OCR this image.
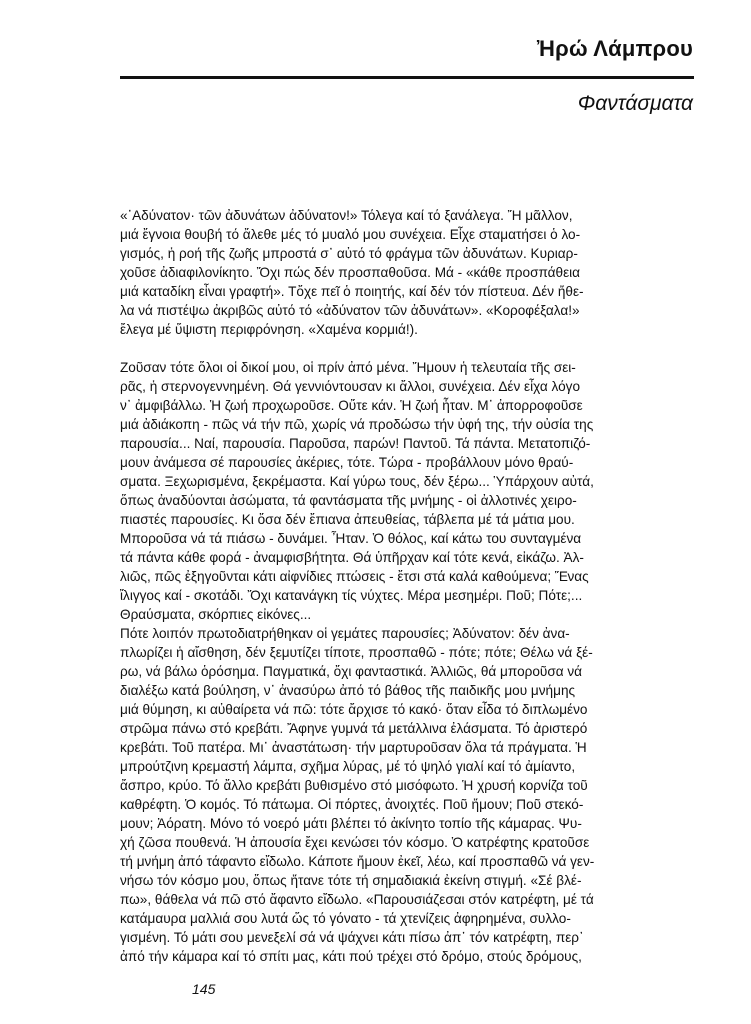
Ἠρώ Λάμπρου
Φαντάσματα
«᾽Αδύνατον· τῶν ἀδυνάτων ἀδύνατον!» Τόλεγα καί τό ξανάλεγα. Ἤ μᾶλλον,
μιά ἔγνοια θουβή τό ἄλεθε μές τό μυαλό μου συνέχεια. Εἶχε σταματήσει ὁ λο-
γισμός, ἡ ροή τῆς ζωῆς μπροστά σ᾽ αὐτό τό φράγμα τῶν ἀδυνάτων. Κυριαρ-
χοῦσε ἀδιαφιλονίκητο. Ὄχι πώς δέν προσπαθοῦσα. Μά - «κάθε προσπάθεια
μιά καταδίκη εἶναι γραφτή». Τὄχε πεῖ ὁ ποιητής, καί δέν τόν πίστευα. Δέν ἤθε-
λα νά πιστέψω ἀκριβῶς αὐτό τό «ἀδύνατον τῶν ἀδυνάτων». «Κοροφέξαλα!»
ἔλεγα μέ ὕψιστη περιφρόνηση. «Χαμένα κορμιά!).
Ζοῦσαν τότε ὅλοι οἱ δικοί μου, οἱ πρίν ἀπό μένα. Ἤμουν ἡ τελευταία τῆς σει-
ρᾶς, ἡ στερνογεννημένη. Θά γεννιόντουσαν κι ἄλλοι, συνέχεια. Δέν εἶχα λόγο
ν᾽ ἀμφιβάλλω. Ἡ ζωή προχωροῦσε. Οὔτε κάν. Ἡ ζωή ἦταν. Μ᾽ ἀπορροφοῦσε
μιά ἀδιάκοπη - πῶς νά τήν πῶ, χωρίς νά προδώσω τήν ὑφή της, τήν οὐσία της
παρουσία... Ναί, παρουσία. Παροῦσα, παρών! Παντοῦ. Τά πάντα. Μετατοπιζό-
μουν ἀνάμεσα σέ παρουσίες ἀκέριες, τότε. Τώρα - προβάλλουν μόνο θραύ-
σματα. Ξεχωρισμένα, ξεκρέμαστα. Καί γύρω τους, δέν ξέρω... Ὑπάρχουν αὐτά,
ὅπως ἀναδύονται ἀσώματα, τά φαντάσματα τῆς μνήμης - οἱ ἀλλοτινές χειρο-
πιαστές παρουσίες. Κι ὅσα δέν ἔπιανα ἀπευθείας, τάβλεπα μέ τά μάτια μου.
Μποροῦσα νά τά πιάσω - δυνάμει. Ἦταν. Ὁ θόλος, καί κάτω του συνταγμένα
τά πάντα κάθε φορά - ἀναμφισβήτητα. Θά ὑπῆρχαν καί τότε κενά, εἰκάζω. Ἀλ-
λιῶς, πῶς ἐξηγοῦνται κάτι αἰφνίδιες πτώσεις - ἔτσι στά καλά καθούμενα; Ἕνας
ἴλιγγος καί - σκοτάδι. Ὄχι κατανάγκη τίς νύχτες. Μέρα μεσημέρι. Ποῦ; Πότε;...
Θραύσματα, σκόρπιες εἰκόνες...
Πότε λοιπόν πρωτοδιατρήθηκαν οἱ γεμάτες παρουσίες; Ἀδύνατον: δέν ἀνα-
πλωρίζει ἡ αἴσθηση, δέν ξεμυτίζει τίποτε, προσπαθῶ - πότε; πότε; Θέλω νά ξέ-
ρω, νά βάλω ὁρόσημα. Παγματικά, ὄχι φανταστικά. Ἀλλιῶς, θά μποροῦσα νά
διαλέξω κατά βούληση, ν᾽ ἀνασύρω ἀπό τό βάθος τῆς παιδικῆς μου μνήμης
μιά θύμηση, κι αὐθαίρετα νά πῶ: τότε ἄρχισε τό κακό· ὅταν εἶδα τό διπλωμένο
στρῶμα πάνω στό κρεβάτι. Ἄφηνε γυμνά τά μετάλλινα ἐλάσματα. Τό ἀριστερό
κρεβάτι. Τοῦ πατέρα. Μι᾽ ἀναστάτωση· τήν μαρτυροῦσαν ὅλα τά πράγματα. Ἡ
μπρούτζινη κρεμαστή λάμπα, σχῆμα λύρας, μέ τό ψηλό γιαλί καί τό ἀμίαντο,
ἄσπρο, κρύο. Τό ἄλλο κρεβάτι βυθισμένο στό μισόφωτο. Ἡ χρυσή κορνίζα τοῦ
καθρέφτη. Ὁ κομός. Τό πάτωμα. Οἱ πόρτες, ἀνοιχτές. Ποῦ ἤμουν; Ποῦ στεκό-
μουν; Ἀόρατη. Μόνο τό νοερό μάτι βλέπει τό ἀκίνητο τοπίο τῆς κάμαρας. Ψυ-
χή ζῶσα πουθενά. Ἡ ἀπουσία ἔχει κενώσει τόν κόσμο. Ὁ κατρέφτης κρατοῦσε
τή μνήμη ἀπό τάφαντο εἴδωλο. Κάποτε ἤμουν ἐκεῖ, λέω, καί προσπαθῶ νά γεν-
νήσω τόν κόσμο μου, ὅπως ἤτανε τότε τή σημαδιακιά ἐκείνη στιγμή. «Σέ βλέ-
πω», θάθελα νά πῶ στό ἄφαντο εἴδωλο. «Παρουσιάζεσαι στόν κατρέφτη, μέ τά
κατάμαυρα μαλλιά σου λυτά ὥς τό γόνατο - τά χτενίζεις ἀφηρημένα, συλλο-
γισμένη. Τό μάτι σου μενεξελί σά νά ψάχνει κάτι πίσω ἀπ᾽ τόν κατρέφτη, περ᾽
ἀπό τήν κάμαρα καί τό σπίτι μας, κάτι πού τρέχει στό δρόμο, στούς δρόμους,
145
